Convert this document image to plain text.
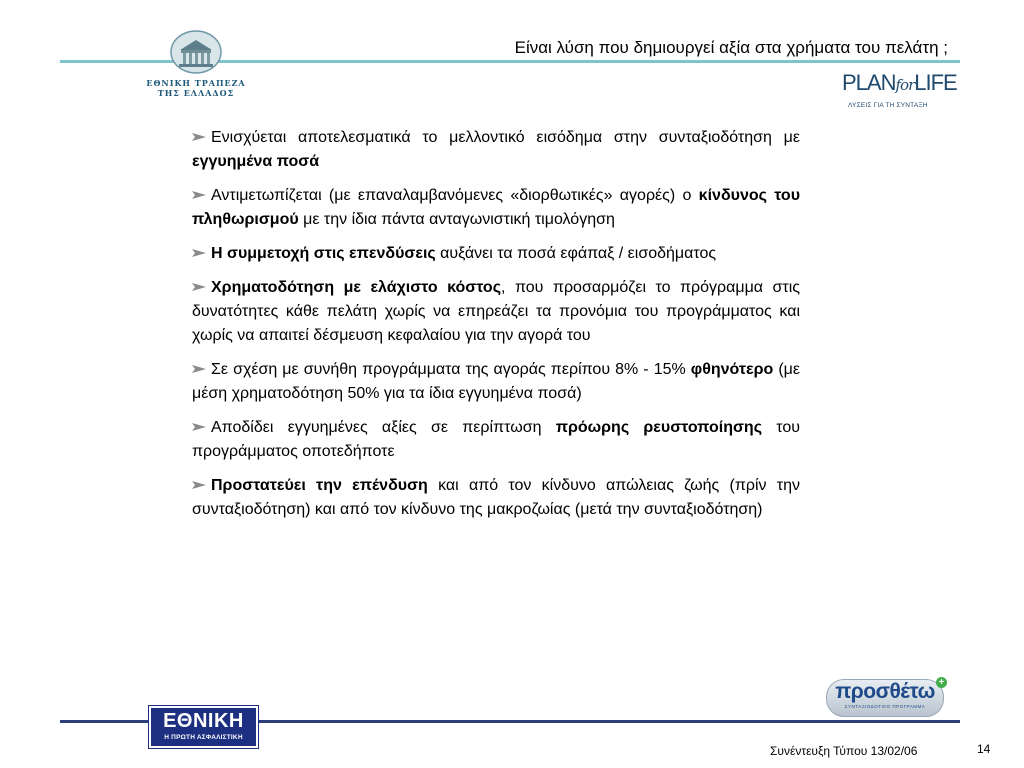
Είναι λύση που δημιουργεί αξία στα χρήματα του πελάτη ;
ΕΘΝΙΚΗ ΤΡΑΠΕΖΑ
ΤΗΣ ΕΛΛΑΔΟΣ	PLANforLIFE
ΛΥΣΕΙΣ ΓΙΑ ΤΗ ΣΥΝΤΑΞΗ
Ενισχύεται αποτελεσματικά το μελλοντικό εισόδημα στην συνταξιοδότηση με εγγυημένα ποσά
Αντιμετωπίζεται (με επαναλαμβανόμενες «διορθωτικές» αγορές) ο κίνδυνος του πληθωρισμού με την ίδια πάντα ανταγωνιστική τιμολόγηση
Η συμμετοχή στις επενδύσεις αυξάνει τα ποσά εφάπαξ / εισοδήματος
Χρηματοδότηση με ελάχιστο κόστος, που προσαρμόζει το πρόγραμμα στις δυνατότητες κάθε πελάτη χωρίς να επηρεάζει τα προνόμια του προγράμματος και χωρίς να απαιτεί δέσμευση κεφαλαίου για την αγορά του
Σε σχέση με συνήθη προγράμματα της αγοράς περίπου 8% - 15% φθηνότερο (με μέση χρηματοδότηση 50% για τα ίδια εγγυημένα ποσά)
Αποδίδει εγγυημένες αξίες σε περίπτωση πρόωρης ρευστοποίησης του προγράμματος οποτεδήποτε
Προστατεύει την επένδυση και από τον κίνδυνο απώλειας ζωής (πρίν την συνταξιοδότηση) και από τον κίνδυνο της μακροζωίας (μετά την συνταξιοδότηση)
ΕΘΝΙΚΗ
Η ΠΡΩΤΗ ΑΣΦΑΛΙΣΤΙΚΗ
προσθέτω
ΣΥΝΤΑΞΙΟΔΟΤΙΚΟ ΠΡΟΓΡΑΜΜΑ
+
Συνέντευξη Τύπου 13/02/06	14
